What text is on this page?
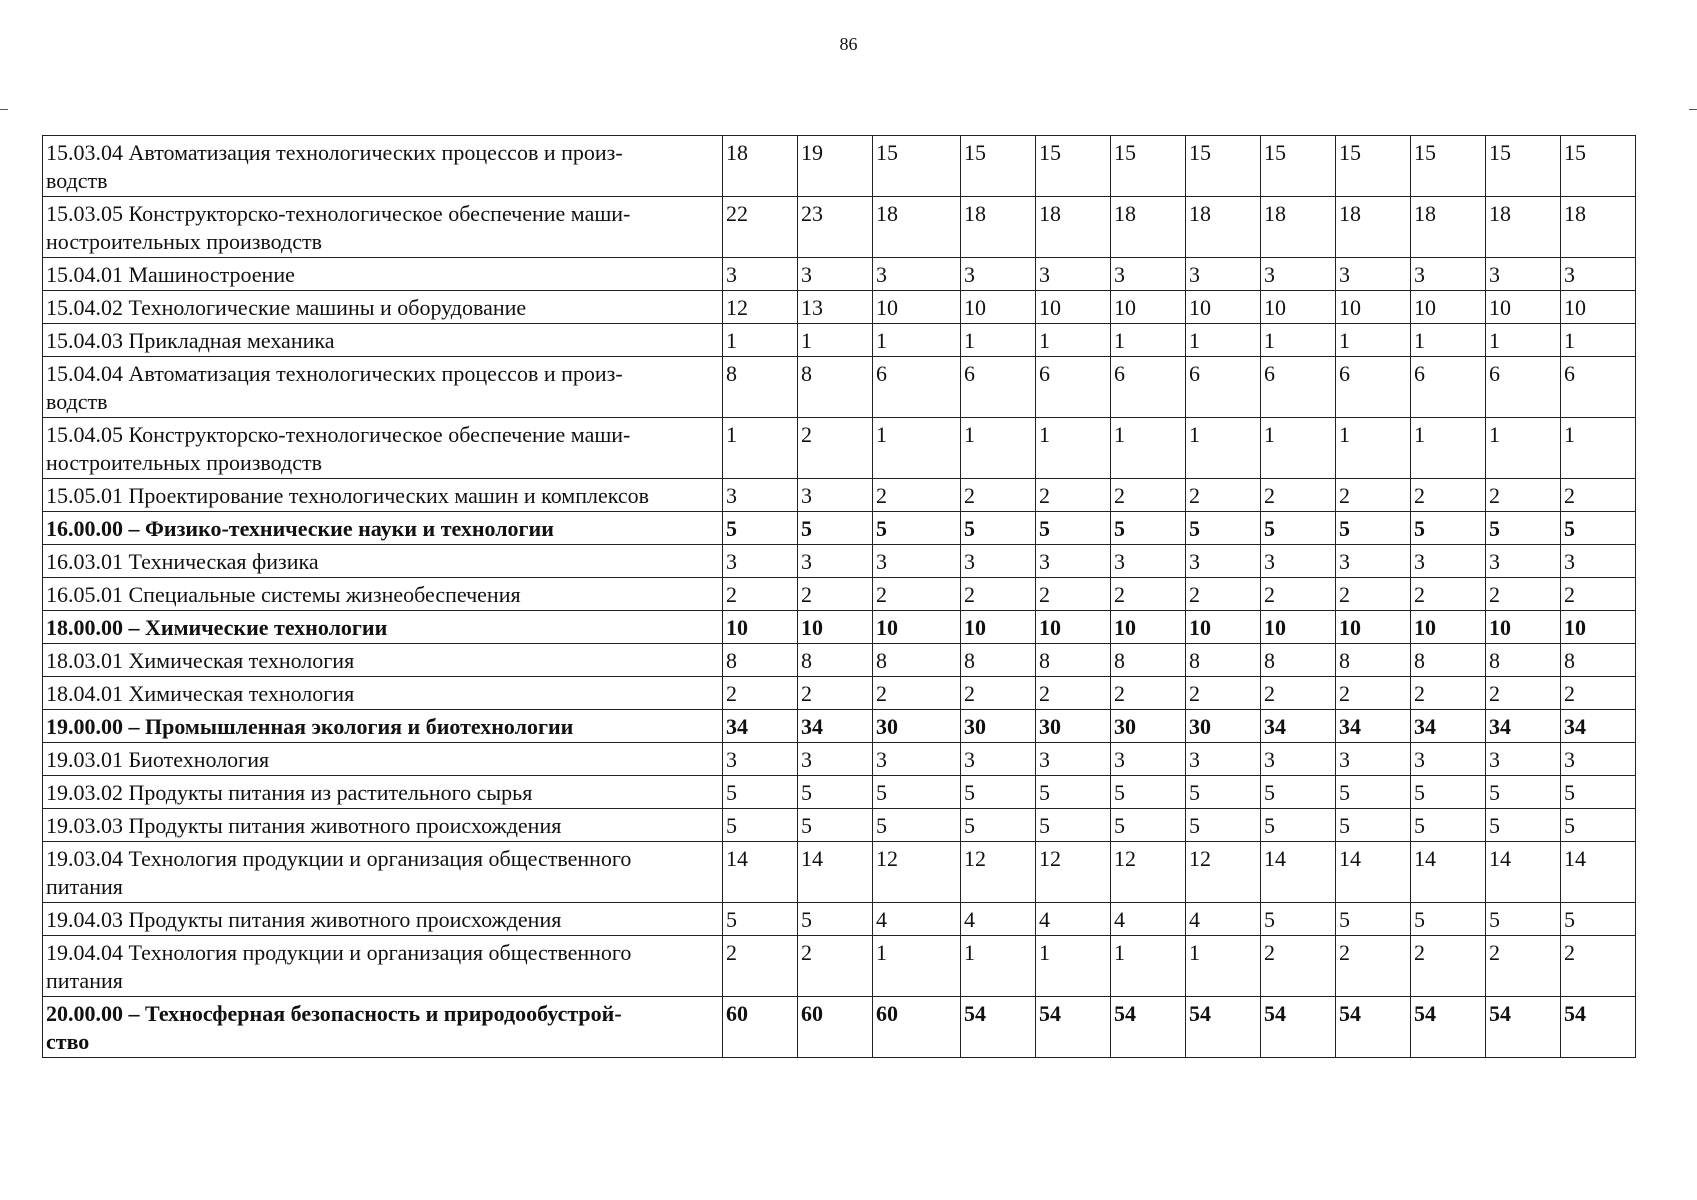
86
15.03.04 Автоматизация технологических процессов и произ-
водств	18	19	15	15	15	15	15	15	15	15	15	15
15.03.05 Конструкторско-технологическое обеспечение маши-
ностроительных производств	22	23	18	18	18	18	18	18	18	18	18	18
15.04.01 Машиностроение	3	3	3	3	3	3	3	3	3	3	3	3
15.04.02 Технологические машины и оборудование	12	13	10	10	10	10	10	10	10	10	10	10
15.04.03 Прикладная механика	1	1	1	1	1	1	1	1	1	1	1	1
15.04.04 Автоматизация технологических процессов и произ-
водств	8	8	6	6	6	6	6	6	6	6	6	6
15.04.05 Конструкторско-технологическое обеспечение маши-
ностроительных производств	1	2	1	1	1	1	1	1	1	1	1	1
15.05.01 Проектирование технологических машин и комплексов	3	3	2	2	2	2	2	2	2	2	2	2
16.00.00 – Физико-технические науки и технологии	5	5	5	5	5	5	5	5	5	5	5	5
16.03.01 Техническая физика	3	3	3	3	3	3	3	3	3	3	3	3
16.05.01 Специальные системы жизнеобеспечения	2	2	2	2	2	2	2	2	2	2	2	2
18.00.00 – Химические технологии	10	10	10	10	10	10	10	10	10	10	10	10
18.03.01 Химическая технология	8	8	8	8	8	8	8	8	8	8	8	8
18.04.01 Химическая технология	2	2	2	2	2	2	2	2	2	2	2	2
19.00.00 – Промышленная экология и биотехнологии	34	34	30	30	30	30	30	34	34	34	34	34
19.03.01 Биотехнология	3	3	3	3	3	3	3	3	3	3	3	3
19.03.02 Продукты питания из растительного сырья	5	5	5	5	5	5	5	5	5	5	5	5
19.03.03 Продукты питания животного происхождения	5	5	5	5	5	5	5	5	5	5	5	5
19.03.04 Технология продукции и организация общественного
питания	14	14	12	12	12	12	12	14	14	14	14	14
19.04.03 Продукты питания животного происхождения	5	5	4	4	4	4	4	5	5	5	5	5
19.04.04 Технология продукции и организация общественного
питания	2	2	1	1	1	1	1	2	2	2	2	2
20.00.00 – Техносферная безопасность и природообустрой-
ство	60	60	60	54	54	54	54	54	54	54	54	54
